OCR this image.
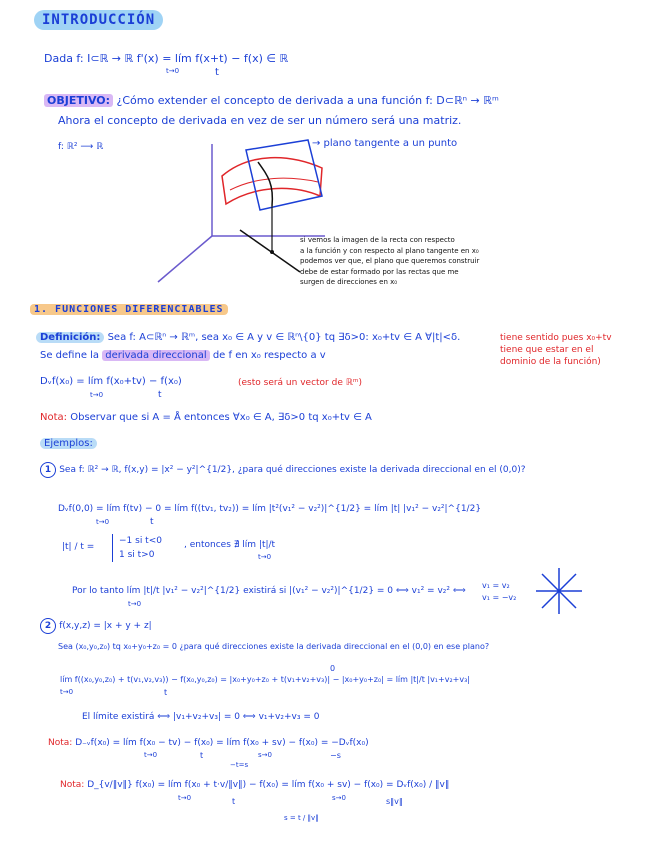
INTRODUCCIÓN
Dada f: I⊂ℝ → ℝ f'(x) = lím f(x+t) − f(x) ∈ ℝ
t→0	t
OBJETIVO: ¿Cómo extender el concepto de derivada a una función f: D⊂ℝⁿ → ℝᵐ
Ahora el concepto de derivada en vez de ser un número será una matriz.
f: ℝ² ⟶ ℝ	→ plano tangente a un punto
si vemos la imagen de la recta con respecto
a la función y con respecto al plano tangente en x₀
podemos ver que, el plano que queremos construir
debe de estar formado por las rectas que me
surgen de direcciones en x₀
1. FUNCIONES DIFERENCIABLES
Definición: Sea f: A⊂ℝⁿ → ℝᵐ, sea x₀ ∈ A y v ∈ ℝⁿ\{0} tq ∃δ>0: x₀+tv ∈ A ∀|t|<δ.	tiene sentido pues x₀+tv
tiene que estar en el
dominio de la función)
Se define la derivada direccional de f en x₀ respecto a v
Dᵥf(x₀) = lím f(x₀+tv) − f(x₀)
t→0	t
(esto será un vector de ℝᵐ)
Nota: Observar que si A = Å entonces ∀x₀ ∈ A, ∃δ>0 tq x₀+tv ∈ A
Ejemplos:
1 Sea f: ℝ² → ℝ, f(x,y) = |x² − y²|^{1/2}, ¿para qué direcciones existe la derivada direccional en el (0,0)?
Dᵥf(0,0) = lím f(tv) − 0 = lím f((tv₁, tv₂)) = lím |t²(v₁² − v₂²)|^{1/2} = lím |t| |v₁² − v₂²|^{1/2}
t→0	t
|t| / t =
−1 si t<0
1 si t>0
, entonces ∄ lím |t|/t
t→0
Por lo tanto lím |t|/t |v₁² − v₂²|^{1/2} existirá si |(v₁² − v₂²)|^{1/2} = 0 ⟺ v₁² = v₂² ⟺
t→0
v₁ = v₂
v₁ = −v₂
2 f(x,y,z) = |x + y + z|
Sea (x₀,y₀,z₀) tq x₀+y₀+z₀ = 0 ¿para qué direcciones existe la derivada direccional en el (0,0) en ese plano?
lím f((x₀,y₀,z₀) + t(v₁,v₂,v₃)) − f(x₀,y₀,z₀) = |x₀+y₀+z₀ + t(v₁+v₂+v₃)| − |x₀+y₀+z₀| = lím |t|/t |v₁+v₂+v₃|
t→0	t
0
El límite existirá ⟺ |v₁+v₂+v₃| = 0 ⟺ v₁+v₂+v₃ = 0
Nota: D₋ᵥf(x₀) = lím f(x₀ − tv) − f(x₀) = lím f(x₀ + sv) − f(x₀) = −Dᵥf(x₀)
t→0	t	s→0	−s
−t=s
Nota: D_{v/‖v‖} f(x₀) = lím f(x₀ + t·v/‖v‖) − f(x₀) = lím f(x₀ + sv) − f(x₀) = Dᵥf(x₀) / ‖v‖
t→0	t	s→0	s‖v‖
s = t / ‖v‖
